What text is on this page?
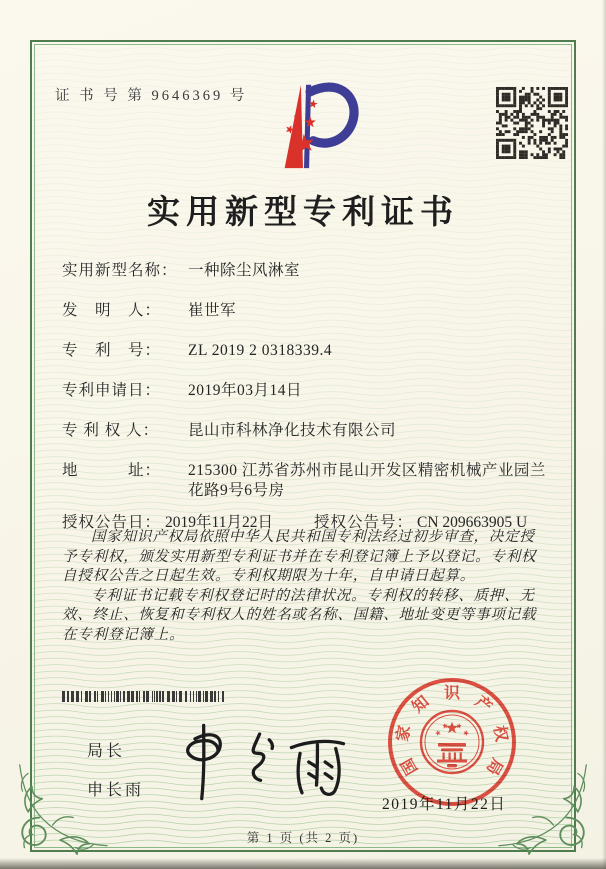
证 书 号 第 9646369 号
实用新型专利证书
实用新型名称： 一种除尘风淋室
发　明　人：	崔世军
专　利　号：	ZL 2019 2 0318339.4
专利申请日：	2019年03月14日
专 利 权 人：	昆山市科林净化技术有限公司
地　　　址：	215300 江苏省苏州市昆山开发区精密机械产业园兰花路9号6号房
授权公告日： 2019年11月22日	授权公告号： CN 209663905 U

国家知识产权局依照中华人民共和国专利法经过初步审查，决定授予专利权，颁发实用新型专利证书并在专利登记簿上予以登记。专利权自授权公告之日起生效。专利权期限为十年，自申请日起算。

专利证书记载专利权登记时的法律状况。专利权的转移、质押、无效、终止、恢复和专利权人的姓名或名称、国籍、地址变更等事项记载在专利登记簿上。

局长
申长雨
国
家
知 识 产
权
局
2019年11月22日
第 1 页 (共 2 页)
